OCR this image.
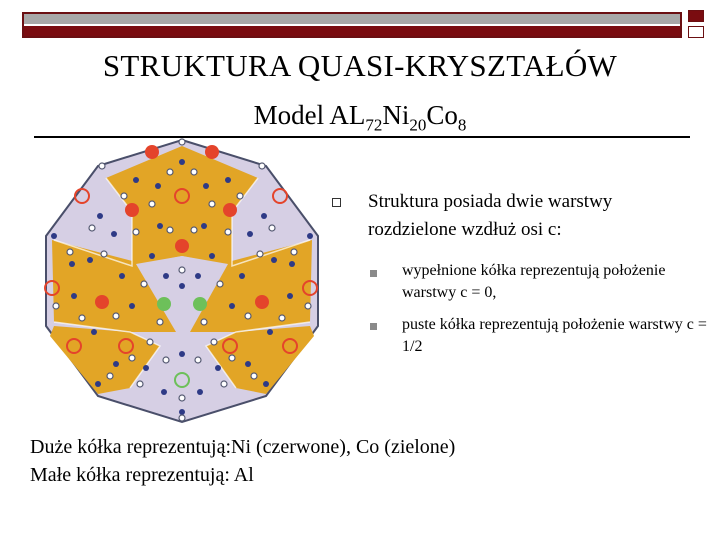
STRUKTURA QUASI-KRYSZTAŁÓW
Model $AL_{72}Ni_{20}Co_8$
Struktura posiada dwie warstwy rozdzielone wzdłuż osi c:
wypełnione kółka reprezentują położenie warstwy c = 0,
puste kółka reprezentują położenie warstwy c = 1/2
Duże kółka reprezentują:Ni (czerwone), Co (zielone)
Małe kółka reprezentują: Al
